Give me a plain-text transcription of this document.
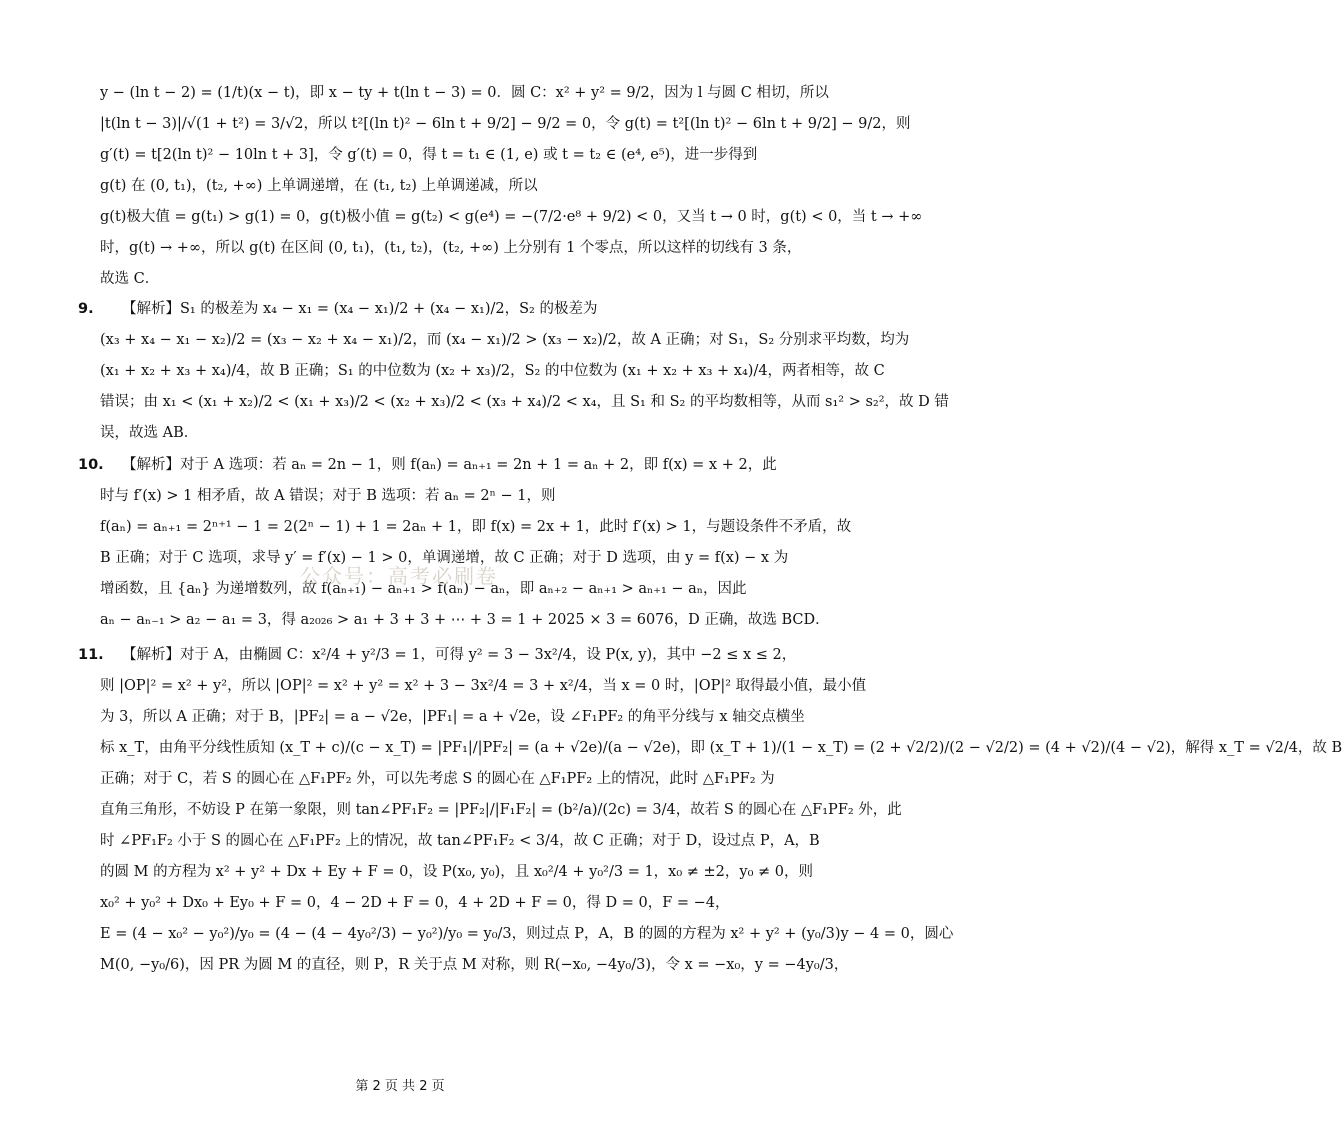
y − (ln t − 2) = (1/t)(x − t)，即 x − ty + t(ln t − 3) = 0．圆 C：x² + y² = 9/2，因为 l 与圆 C 相切，所以
|t(ln t − 3)|/√(1 + t²) = 3/√2，所以 t²[(ln t)² − 6ln t + 9/2] − 9/2 = 0，令 g(t) = t²[(ln t)² − 6ln t + 9/2] − 9/2，则
g′(t) = t[2(ln t)² − 10ln t + 3]，令 g′(t) = 0，得 t = t₁ ∈ (1, e) 或 t = t₂ ∈ (e⁴, e⁵)，进一步得到
g(t) 在 (0, t₁)，(t₂, +∞) 上单调递增，在 (t₁, t₂) 上单调递减，所以
g(t)极大值 = g(t₁) > g(1) = 0，g(t)极小值 = g(t₂) < g(e⁴) = −(7/2·e⁸ + 9/2) < 0，又当 t → 0 时，g(t) < 0，当 t → +∞
时，g(t) → +∞，所以 g(t) 在区间 (0, t₁)，(t₁, t₂)，(t₂, +∞) 上分别有 1 个零点，所以这样的切线有 3 条，
故选 C．
9. 【解析】S₁ 的极差为 x₄ − x₁ = (x₄ − x₁)/2 + (x₄ − x₁)/2，S₂ 的极差为
(x₃ + x₄ − x₁ − x₂)/2 = (x₃ − x₂ + x₄ − x₁)/2，而 (x₄ − x₁)/2 > (x₃ − x₂)/2，故 A 正确；对 S₁，S₂ 分别求平均数，均为
(x₁ + x₂ + x₃ + x₄)/4，故 B 正确；S₁ 的中位数为 (x₂ + x₃)/2，S₂ 的中位数为 (x₁ + x₂ + x₃ + x₄)/4，两者相等，故 C
错误；由 x₁ < (x₁ + x₂)/2 < (x₁ + x₃)/2 < (x₂ + x₃)/2 < (x₃ + x₄)/2 < x₄，且 S₁ 和 S₂ 的平均数相等，从而 s₁² > s₂²，故 D 错
误，故选 AB．
10. 【解析】对于 A 选项：若 aₙ = 2n − 1，则 f(aₙ) = aₙ₊₁ = 2n + 1 = aₙ + 2，即 f(x) = x + 2，此
时与 f′(x) > 1 相矛盾，故 A 错误；对于 B 选项：若 aₙ = 2ⁿ − 1，则
f(aₙ) = aₙ₊₁ = 2ⁿ⁺¹ − 1 = 2(2ⁿ − 1) + 1 = 2aₙ + 1，即 f(x) = 2x + 1，此时 f′(x) > 1，与题设条件不矛盾，故
B 正确；对于 C 选项，求导 y′ = f′(x) − 1 > 0，单调递增，故 C 正确；对于 D 选项，由 y = f(x) − x 为
增函数，且 {aₙ} 为递增数列，故 f(aₙ₊₁) − aₙ₊₁ > f(aₙ) − aₙ，即 aₙ₊₂ − aₙ₊₁ > aₙ₊₁ − aₙ，因此
aₙ − aₙ₋₁ > a₂ − a₁ = 3，得 a₂₀₂₆ > a₁ + 3 + 3 + ⋯ + 3 = 1 + 2025 × 3 = 6076，D 正确，故选 BCD．
公众号：高考必刷卷
11. 【解析】对于 A，由椭圆 C：x²/4 + y²/3 = 1，可得 y² = 3 − 3x²/4，设 P(x, y)，其中 −2 ≤ x ≤ 2，
则 |OP|² = x² + y²，所以 |OP|² = x² + y² = x² + 3 − 3x²/4 = 3 + x²/4，当 x = 0 时，|OP|² 取得最小值，最小值
为 3，所以 A 正确；对于 B，|PF₂| = a − √2e，|PF₁| = a + √2e，设 ∠F₁PF₂ 的角平分线与 x 轴交点横坐
标 x_T，由角平分线性质知 (x_T + c)/(c − x_T) = |PF₁|/|PF₂| = (a + √2e)/(a − √2e)，即 (x_T + 1)/(1 − x_T) = (2 + √2/2)/(2 − √2/2) = (4 + √2)/(4 − √2)，解得 x_T = √2/4，故 B
正确；对于 C，若 S 的圆心在 △F₁PF₂ 外，可以先考虑 S 的圆心在 △F₁PF₂ 上的情况，此时 △F₁PF₂ 为
直角三角形，不妨设 P 在第一象限，则 tan∠PF₁F₂ = |PF₂|/|F₁F₂| = (b²/a)/(2c) = 3/4，故若 S 的圆心在 △F₁PF₂ 外，此
时 ∠PF₁F₂ 小于 S 的圆心在 △F₁PF₂ 上的情况，故 tan∠PF₁F₂ < 3/4，故 C 正确；对于 D，设过点 P，A，B
的圆 M 的方程为 x² + y² + Dx + Ey + F = 0，设 P(x₀, y₀)，且 x₀²/4 + y₀²/3 = 1，x₀ ≠ ±2，y₀ ≠ 0，则
x₀² + y₀² + Dx₀ + Ey₀ + F = 0，4 − 2D + F = 0，4 + 2D + F = 0，得 D = 0，F = −4，
E = (4 − x₀² − y₀²)/y₀ = (4 − (4 − 4y₀²/3) − y₀²)/y₀ = y₀/3，则过点 P，A，B 的圆的方程为 x² + y² + (y₀/3)y − 4 = 0，圆心
M(0, −y₀/6)，因 PR 为圆 M 的直径，则 P，R 关于点 M 对称，则 R(−x₀, −4y₀/3)，令 x = −x₀，y = −4y₀/3，
第 2 页 共 2 页
